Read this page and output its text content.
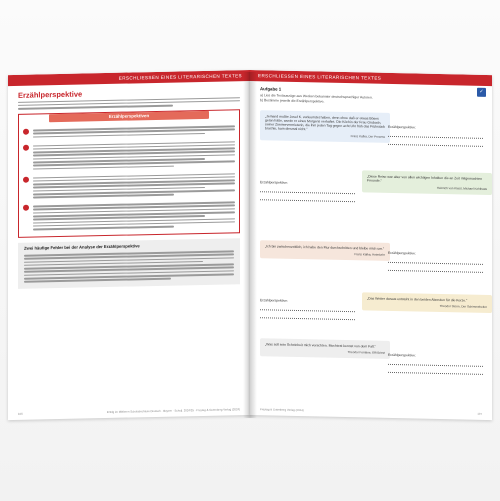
ERSCHLIESSEN EINES LITERARISCHEN TEXTES
Erzählperspektive
Erzählperspektiven
Zwei häufige Fehler bei der Analyse der Erzählperspektive
106	Erfolg im Mittleren Schulabschluss Deutsch · Bayern · Schulj. 2024/25 · Freytag & Gutenberg Verlag (2024)
ERSCHLIESSEN EINES LITERARISCHEN TEXTES
✓
Aufgabe 1
a) Lies die Textauszüge aus Werken bekannter deutschsprachiger Autoren.
b) Bestimme jeweils die Erzählperspektive.
„Jemand mußte Josef K. verleumdet haben, denn ohne daß er etwas Böses getan hätte, wurde er eines Morgens verhaftet. Die Köchin der Frau Grubach, seiner Zimmervermieterin, die ihm jeden Tag gegen acht Uhr früh das Frühstück brachte, kam diesmal nicht.“
Franz Kafka, Der Process
Erzählperspektive:
Erzählperspektive:
„Diese Reise war aber von allen wichtigen Inhalten die an Zeit mitgemachten Freunde.“
Heinrich von Kleist, Michael Kohlhaas
„Ich bin zwischenzeitlich, ich habe den Flur durchschritten und bleibe mich um.“
Franz Kafka, Heimkehr Erzählperspektive:
Erzählperspektive:	„Das Wetter daraus entsteht in den beiden Abenden für die Kerze.“
Theodor Storm, Der Schimmelreiter
„Was soll sein Scheinheit mich verachten. Mochtest kennst von dem Fall.“
Theodor Fontane, Effi Briest
Erzählperspektive:
Freytag & Gutenberg Verlag (2024)
107
